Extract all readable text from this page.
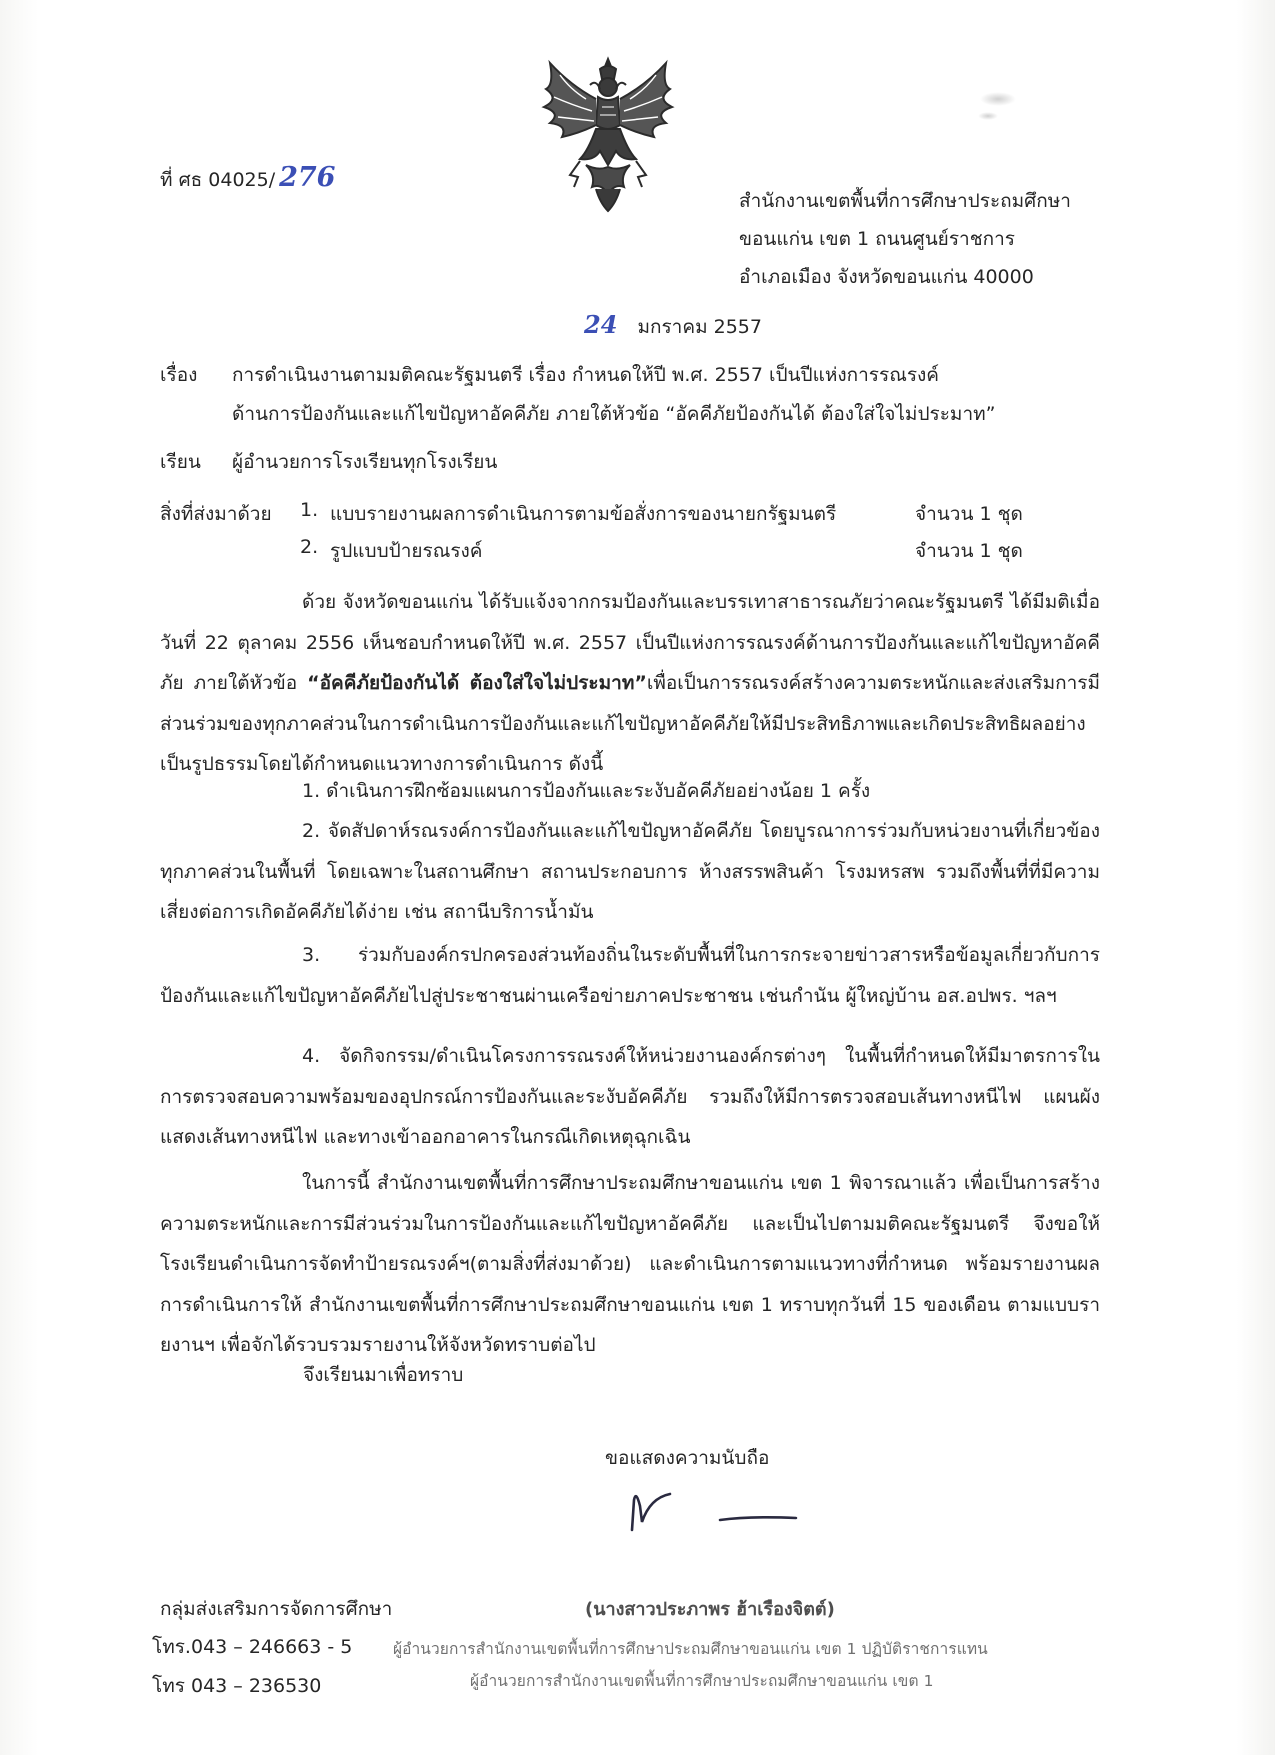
ที่ ศธ 04025/ 276
สำนักงานเขตพื้นที่การศึกษาประถมศึกษา
ขอนแก่น เขต 1 ถนนศูนย์ราชการ
อำเภอเมือง จังหวัดขอนแก่น 40000
24 มกราคม 2557
เรื่อง การดำเนินงานตามมติคณะรัฐมนตรี เรื่อง กำหนดให้ปี พ.ศ. 2557 เป็นปีแห่งการรณรงค์
ด้านการป้องกันและแก้ไขปัญหาอัคคีภัย ภายใต้หัวข้อ “อัคคีภัยป้องกันได้ ต้องใส่ใจไม่ประมาท”
เรียน ผู้อำนวยการโรงเรียนทุกโรงเรียน
สิ่งที่ส่งมาด้วย 1. แบบรายงานผลการดำเนินการตามข้อสั่งการของนายกรัฐมนตรี	จำนวน 1 ชุด
2. รูปแบบป้ายรณรงค์	จำนวน 1 ชุด
ด้วย จังหวัดขอนแก่น ได้รับแจ้งจากกรมป้องกันและบรรเทาสาธารณภัยว่าคณะรัฐมนตรี ได้มีมติเมื่อวันที่ 22 ตุลาคม 2556 เห็นชอบกำหนดให้ปี พ.ศ. 2557 เป็นปีแห่งการรณรงค์ด้านการป้องกันและแก้ไขปัญหาอัคคีภัย ภายใต้หัวข้อ “อัคคีภัยป้องกันได้ ต้องใส่ใจไม่ประมาท”เพื่อเป็นการรณรงค์สร้างความตระหนักและส่งเสริมการมีส่วนร่วมของทุกภาคส่วนในการดำเนินการป้องกันและแก้ไขปัญหาอัคคีภัยให้มีประสิทธิภาพและเกิดประสิทธิผลอย่างเป็นรูปธรรมโดยได้กำหนดแนวทางการดำเนินการ ดังนี้
1. ดำเนินการฝึกซ้อมแผนการป้องกันและระงับอัคคีภัยอย่างน้อย 1 ครั้ง
2. จัดสัปดาห์รณรงค์การป้องกันและแก้ไขปัญหาอัคคีภัย โดยบูรณาการร่วมกับหน่วยงานที่เกี่ยวข้องทุกภาคส่วนในพื้นที่ โดยเฉพาะในสถานศึกษา สถานประกอบการ ห้างสรรพสินค้า โรงมหรสพ รวมถึงพื้นที่ที่มีความเสี่ยงต่อการเกิดอัคคีภัยได้ง่าย เช่น สถานีบริการน้ำมัน
3. ร่วมกับองค์กรปกครองส่วนท้องถิ่นในระดับพื้นที่ในการกระจายข่าวสารหรือข้อมูลเกี่ยวกับการป้องกันและแก้ไขปัญหาอัคคีภัยไปสู่ประชาชนผ่านเครือข่ายภาคประชาชน เช่นกำนัน ผู้ใหญ่บ้าน อส.อปพร. ฯลฯ
4. จัดกิจกรรม/ดำเนินโครงการรณรงค์ให้หน่วยงานองค์กรต่างๆ ในพื้นที่กำหนดให้มีมาตรการในการตรวจสอบความพร้อมของอุปกรณ์การป้องกันและระงับอัคคีภัย รวมถึงให้มีการตรวจสอบเส้นทางหนีไฟ แผนผังแสดงเส้นทางหนีไฟ และทางเข้าออกอาคารในกรณีเกิดเหตุฉุกเฉิน
ในการนี้ สำนักงานเขตพื้นที่การศึกษาประถมศึกษาขอนแก่น เขต 1 พิจารณาแล้ว เพื่อเป็นการสร้างความตระหนักและการมีส่วนร่วมในการป้องกันและแก้ไขปัญหาอัคคีภัย และเป็นไปตามมติคณะรัฐมนตรี จึงขอให้โรงเรียนดำเนินการจัดทำป้ายรณรงค์ฯ(ตามสิ่งที่ส่งมาด้วย) และดำเนินการตามแนวทางที่กำหนด พร้อมรายงานผลการดำเนินการให้ สำนักงานเขตพื้นที่การศึกษาประถมศึกษาขอนแก่น เขต 1 ทราบทุกวันที่ 15 ของเดือน ตามแบบรายงานฯ เพื่อจักได้รวบรวมรายงานให้จังหวัดทราบต่อไป
จึงเรียนมาเพื่อทราบ
ขอแสดงความนับถือ
กลุ่มส่งเสริมการจัดการศึกษา
โทร.043 – 246663 - 5
โทร 043 – 236530
(นางสาวประภาพร ฮ้าเรืองจิตต์)
ผู้อำนวยการสำนักงานเขตพื้นที่การศึกษาประถมศึกษาขอนแก่น เขต 1 ปฏิบัติราชการแทน
ผู้อำนวยการสำนักงานเขตพื้นที่การศึกษาประถมศึกษาขอนแก่น เขต 1
